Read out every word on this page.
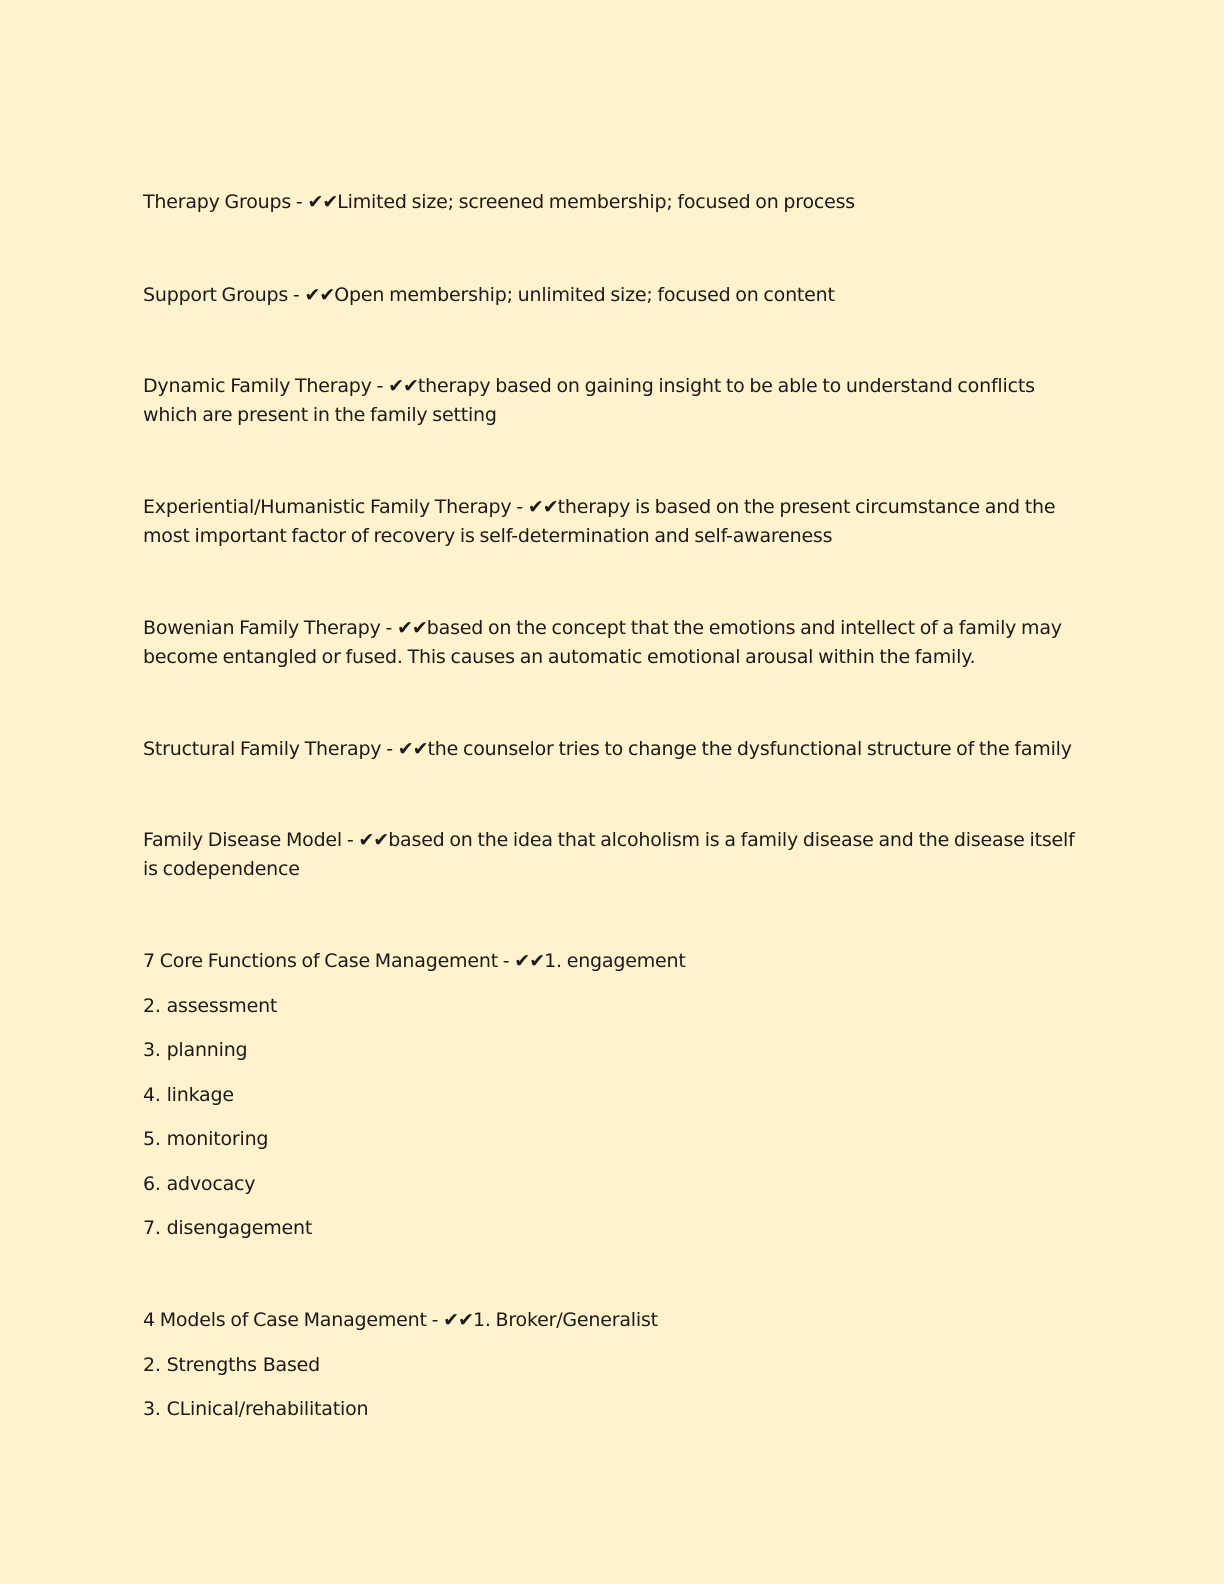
Therapy Groups - ✔✔Limited size; screened membership; focused on process
Support Groups - ✔✔Open membership; unlimited size; focused on content
Dynamic Family Therapy - ✔✔therapy based on gaining insight to be able to understand conflicts which are present in the family setting
Experiential/Humanistic Family Therapy - ✔✔therapy is based on the present circumstance and the most important factor of recovery is self-determination and self-awareness
Bowenian Family Therapy - ✔✔based on the concept that the emotions and intellect of a family may become entangled or fused. This causes an automatic emotional arousal within the family.
Structural Family Therapy - ✔✔the counselor tries to change the dysfunctional structure of the family
Family Disease Model - ✔✔based on the idea that alcoholism is a family disease and the disease itself is codependence
7 Core Functions of Case Management - ✔✔1. engagement
2. assessment
3. planning
4. linkage
5. monitoring
6. advocacy
7. disengagement
4 Models of Case Management - ✔✔1. Broker/Generalist
2. Strengths Based
3. CLinical/rehabilitation
